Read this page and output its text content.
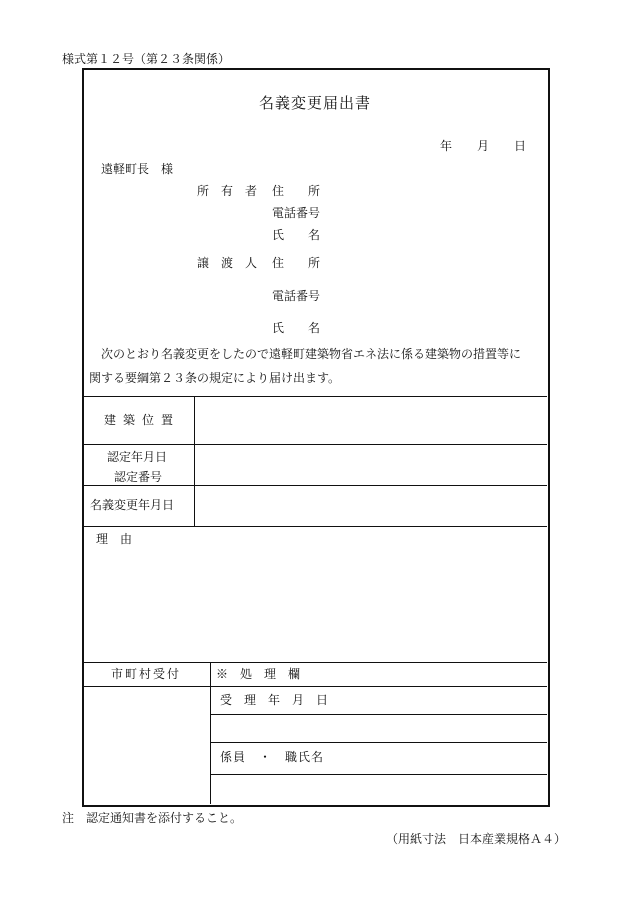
様式第１２号（第２３条関係）
名義変更届出書
年 月 日
遠軽町長　様
所　有　者 住　　所
電話番号
氏　　名
譲　渡　人 住　　所
電話番号
氏　　名
次のとおり名義変更をしたので遠軽町建築物省エネ法に係る建築物の措置等に
関する要綱第２３条の規定により届け出ます。
建築位置
認定年月日
認定番号
名義変更年月日
理　由
市町村受付	※　処　理　欄
受　理　年　月　日
係員　・　職氏名
注　認定通知書を添付すること。
（用紙寸法　日本産業規格Ａ４）
